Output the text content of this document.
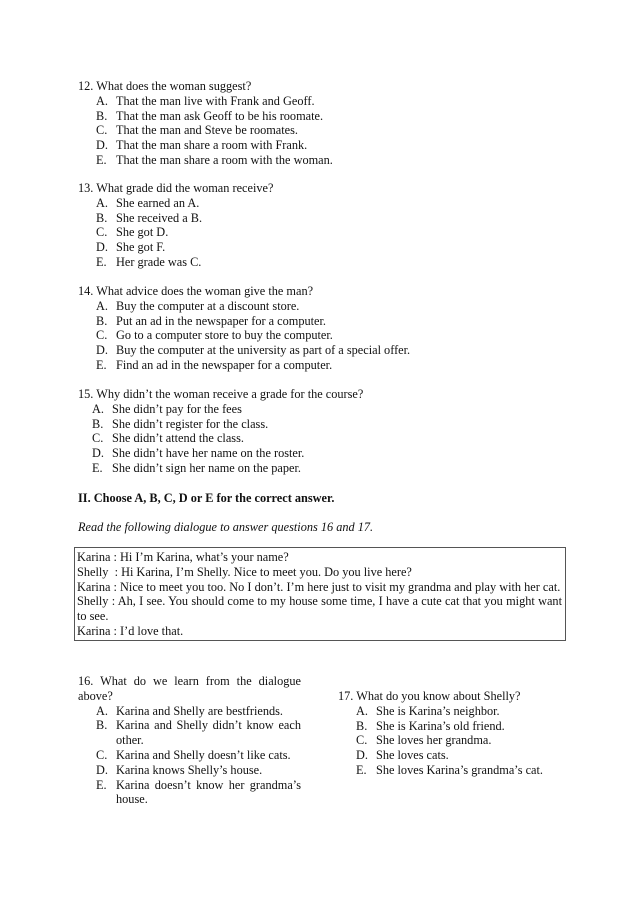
12. What does the woman suggest?
A. That the man live with Frank and Geoff.
B. That the man ask Geoff to be his roomate.
C. That the man and Steve be roomates.
D. That the man share a room with Frank.
E. That the man share a room with the woman.
13. What grade did the woman receive?
A. She earned an A.
B. She received a B.
C. She got D.
D. She got F.
E. Her grade was C.
14. What advice does the woman give the man?
A. Buy the computer at a discount store.
B. Put an ad in the newspaper for a computer.
C. Go to a computer store to buy the computer.
D. Buy the computer at the university as part of a special offer.
E. Find an ad in the newspaper for a computer.
15. Why didn’t the woman receive a grade for the course?
A. She didn’t pay for the fees
B. She didn’t register for the class.
C. She didn’t attend the class.
D. She didn’t have her name on the roster.
E. She didn’t sign her name on the paper.
II. Choose A, B, C, D or E for the correct answer.
Read the following dialogue to answer questions 16 and 17.
Karina : Hi I’m Karina, what’s your name?
Shelly  : Hi Karina, I’m Shelly. Nice to meet you. Do you live here?
Karina : Nice to meet you too. No I don’t. I’m here just to visit my grandma and play with her cat.
Shelly : Ah, I see. You should come to my house some time, I have a cute cat that you might want to see.
Karina : I’d love that.
16. What do we learn from the dialogue above?
A. Karina and Shelly are bestfriends.
B. Karina and Shelly didn’t know each other.
C. Karina and Shelly doesn’t like cats.
D. Karina knows Shelly’s house.
E. Karina doesn’t know her grandma’s house.
17. What do you know about Shelly?
A. She is Karina’s neighbor.
B. She is Karina’s old friend.
C. She loves her grandma.
D. She loves cats.
E. She loves Karina’s grandma’s cat.
